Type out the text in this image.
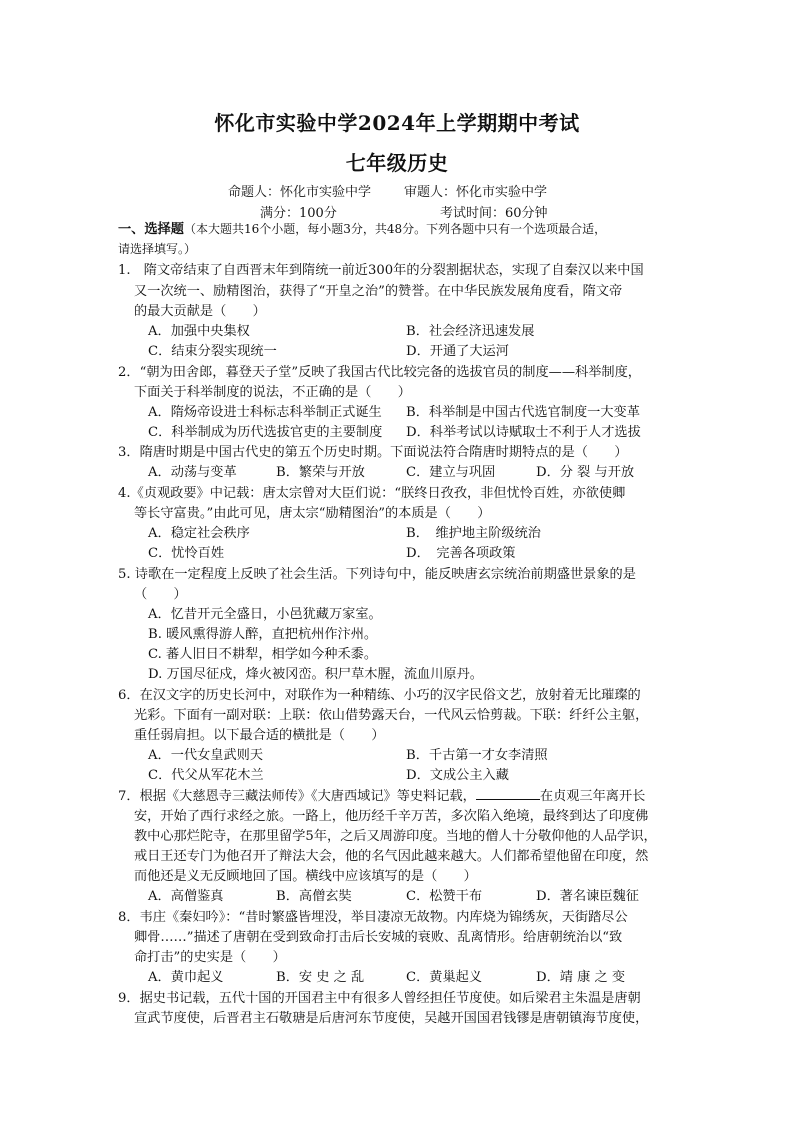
怀化市实验中学2024年上学期期中考试
七年级历史
命题人：怀化市实验中学	审题人：怀化市实验中学
满分：100分	考试时间：60分钟
一、选择题（本大题共16个小题，每小题3分，共48分。下列各题中只有一个选项最合适，
请选择填写。）
1.　隋文帝结束了自西晋末年到隋统一前近300年的分裂割据状态，实现了自秦汉以来中国
又一次统一、励精图治，获得了“开皇之治”的赞誉。在中华民族发展角度看，隋文帝
的最大贡献是（　　）
A．加强中央集权	B．社会经济迅速发展
C．结束分裂实现统一	D．开通了大运河
2．“朝为田舍郎，暮登天子堂”反映了我国古代比较完备的选拔官员的制度——科举制度，
下面关于科举制度的说法，不正确的是（　　）
A．隋炀帝设进士科标志科举制正式诞生 B．科举制是中国古代选官制度一大变革
C．科举制成为历代选拔官吏的主要制度 D．科举考试以诗赋取士不利于人才选拔
3．隋唐时期是中国古代史的第五个历史时期。下面说法符合隋唐时期特点的是（　　）
A．动荡与变革	B．繁荣与开放	C．建立与巩固	D．分 裂 与开放
4.《贞观政要》中记载：唐太宗曾对大臣们说：“朕终日孜孜，非但忧怜百姓，亦欲使卿
等长守富贵。”由此可见，唐太宗“励精图治”的本质是（　　）
A．稳定社会秩序	B．　维护地主阶级统治
C．忧怜百姓	D．　完善各项政策
5. 诗歌在一定程度上反映了社会生活。下列诗句中，能反映唐玄宗统治前期盛世景象的是
（　　）
A．忆昔开元全盛日，小邑犹藏万家室。
B. 暖风熏得游人醉，直把杭州作汴州。
C. 蕃人旧日不耕犁，相学如今种禾黍。
D. 万国尽征戍，烽火被冈峦。积尸草木腥，流血川原丹。
6．在汉文字的历史长河中，对联作为一种精练、小巧的汉字民俗文艺，放射着无比璀璨的
光彩。下面有一副对联：上联：依山借势露天台，一代风云恰剪裁。下联：纤纤公主躯，
重任弱肩担。以下最合适的横批是（　　）
A．一代女皇武则天	B．千古第一才女李清照
C．代父从军花木兰	D．文成公主入藏
7．根据《大慈恩寺三藏法师传》《大唐西域记》等史料记载，	在贞观三年离开长
安，开始了西行求经之旅。一路上，他历经千辛万苦，多次陷入绝境，最终到达了印度佛
教中心那烂陀寺，在那里留学5年，之后又周游印度。当地的僧人十分敬仰他的人品学识，
戒日王还专门为他召开了辩法大会，他的名气因此越来越大。人们都希望他留在印度，然
而他还是义无反顾地回了国。横线中应该填写的是（　　）
A．高僧鉴真	B．高僧玄奘	C．松赞干布	D．著名谏臣魏征
8．韦庄《秦妇吟》：“昔时繁盛皆埋没，举目凄凉无故物。内库烧为锦绣灰，天街踏尽公
卿骨……”描述了唐朝在受到致命打击后长安城的衰败、乱离情形。给唐朝统治以“致
命打击”的史实是（　　）
A．黄巾起义	B．安 史 之 乱	C．黄巢起义	D．靖 康 之 变
9．据史书记载，五代十国的开国君主中有很多人曾经担任节度使。如后梁君主朱温是唐朝
宣武节度使，后晋君主石敬瑭是后唐河东节度使，吴越开国国君钱镠是唐朝镇海节度使，
